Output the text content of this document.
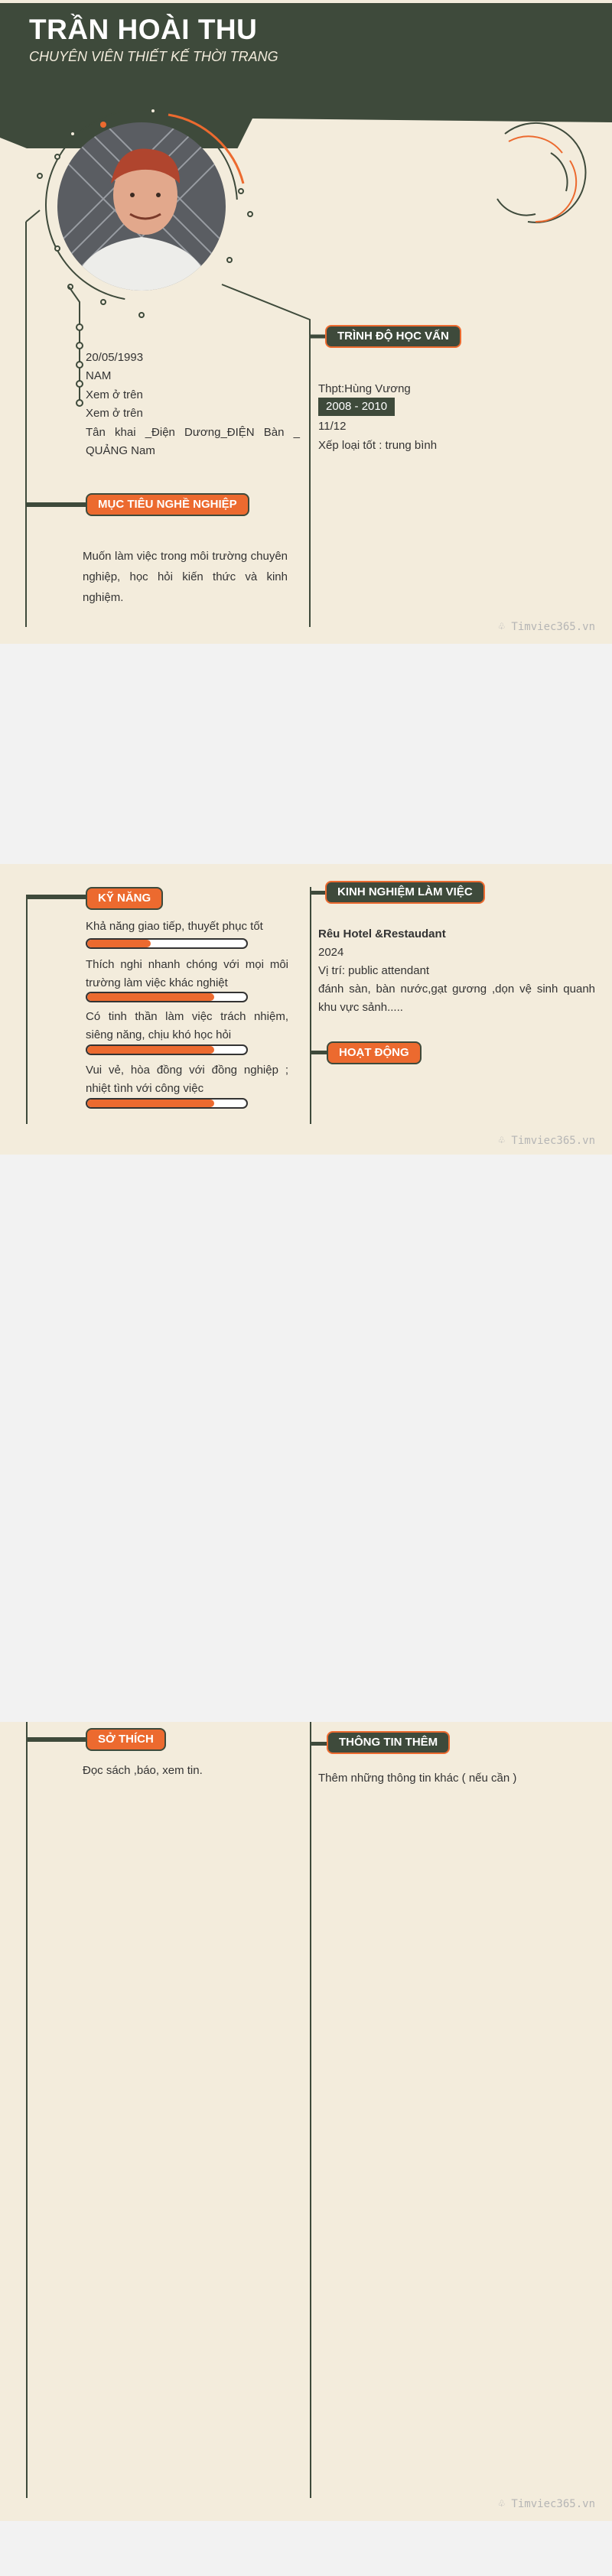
TRẦN HOÀI THU
CHUYÊN VIÊN THIẾT KẾ THỜI TRANG
20/05/1993
NAM
Xem ở trên
Xem ở trên
Tân khai _Điện Dương_ĐIỆN Bàn _ QUẢNG Nam
MỤC TIÊU NGHỀ NGHIỆP
Muốn làm việc trong môi trường chuyên nghiệp, học hỏi kiến thức và kinh nghiệm.
TRÌNH ĐỘ HỌC VẤN
Thpt:Hùng Vương
2008 - 2010
11/12
Xếp loại tốt : trung bình
♧ Timviec365.vn
KỸ NĂNG
Khả năng giao tiếp, thuyết phục tốt
Thích nghi nhanh chóng với mọi môi trường làm việc khác nghiệt
Có tinh thần làm việc trách nhiệm, siêng năng, chịu khó học hỏi
Vui vẻ, hòa đồng với đồng nghiệp ; nhiệt tình với công việc
KINH NGHIỆM LÀM VIỆC
Rêu Hotel &Restaudant
2024
Vị trí: public attendant
đánh sàn, bàn nước,gạt gương ,dọn vệ sinh quanh khu vực sảnh.....
HOẠT ĐỘNG
♧ Timviec365.vn
SỞ THÍCH
Đọc sách ,báo, xem tin.
THÔNG TIN THÊM
Thêm những thông tin khác ( nếu cần )
♧ Timviec365.vn
